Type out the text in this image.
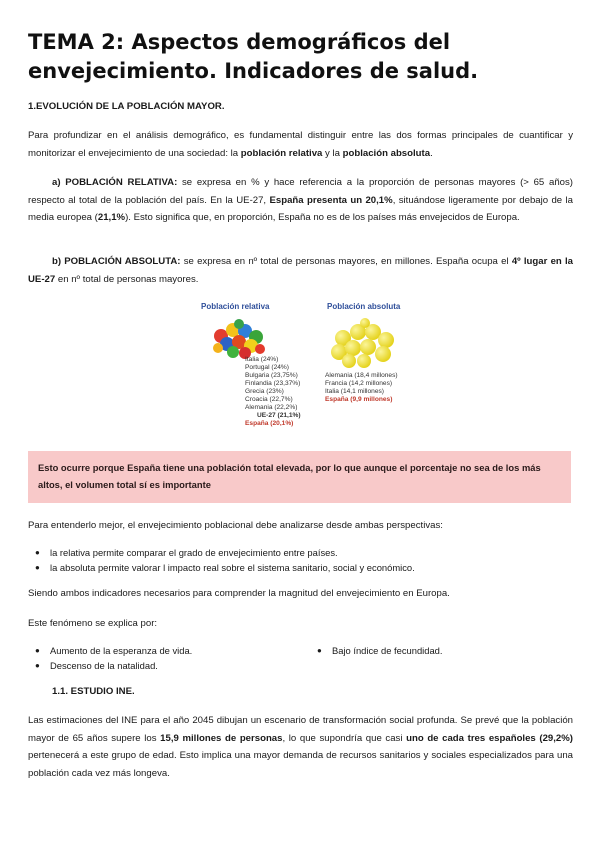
TEMA 2: Aspectos demográficos del envejecimiento. Indicadores de salud.

1.EVOLUCIÓN DE LA POBLACIÓN MAYOR.

Para profundizar en el análisis demográfico, es fundamental distinguir entre las dos formas principales de cuantificar y monitorizar el envejecimiento de una sociedad: la población relativa y la población absoluta.

a) POBLACIÓN RELATIVA: se expresa en % y hace referencia a la proporción de personas mayores (> 65 años) respecto al total de la población del país. En la UE-27, España presenta un 20,1%, situándose ligeramente por debajo de la media europea (21,1%). Esto significa que, en proporción, España no es de los países más envejecidos de Europa.

b) POBLACIÓN ABSOLUTA: se expresa en nº total de personas mayores, en millones. España ocupa el 4º lugar en la UE-27 en nº total de personas mayores.

Población relativa	Población absoluta
Italia (24%)
Portugal (24%)
Bulgaria (23,75%)
Finlandia (23,37%)
Grecia (23%)
Croacia (22,7%)
Alemania (22,2%)
UE-27 (21,1%)
España (20,1%)
Alemania (18,4 millones)
Francia (14,2 millones)
Italia (14,1 millones)
España (9,9 millones)

Esto ocurre porque España tiene una población total elevada, por lo que aunque el porcentaje no sea de los más altos, el volumen total sí es importante

Para entenderlo mejor, el envejecimiento poblacional debe analizarse desde ambas perspectivas:

● la relativa permite comparar el grado de envejecimiento entre países.
● la absoluta permite valorar l impacto real sobre el sistema sanitario, social y económico.

Siendo ambos indicadores necesarios para comprender la magnitud del envejecimiento en Europa.

Este fenómeno se explica por:

● Aumento de la esperanza de vida.
● Descenso de la natalidad.
● Bajo índice de fecundidad.

1.1. ESTUDIO INE.

Las estimaciones del INE para el año 2045 dibujan un escenario de transformación social profunda. Se prevé que la población mayor de 65 años supere los 15,9 millones de personas, lo que supondría que casi uno de cada tres españoles (29,2%) pertenecerá a este grupo de edad. Esto implica una mayor demanda de recursos sanitarios y sociales especializados para una población cada vez más longeva.
